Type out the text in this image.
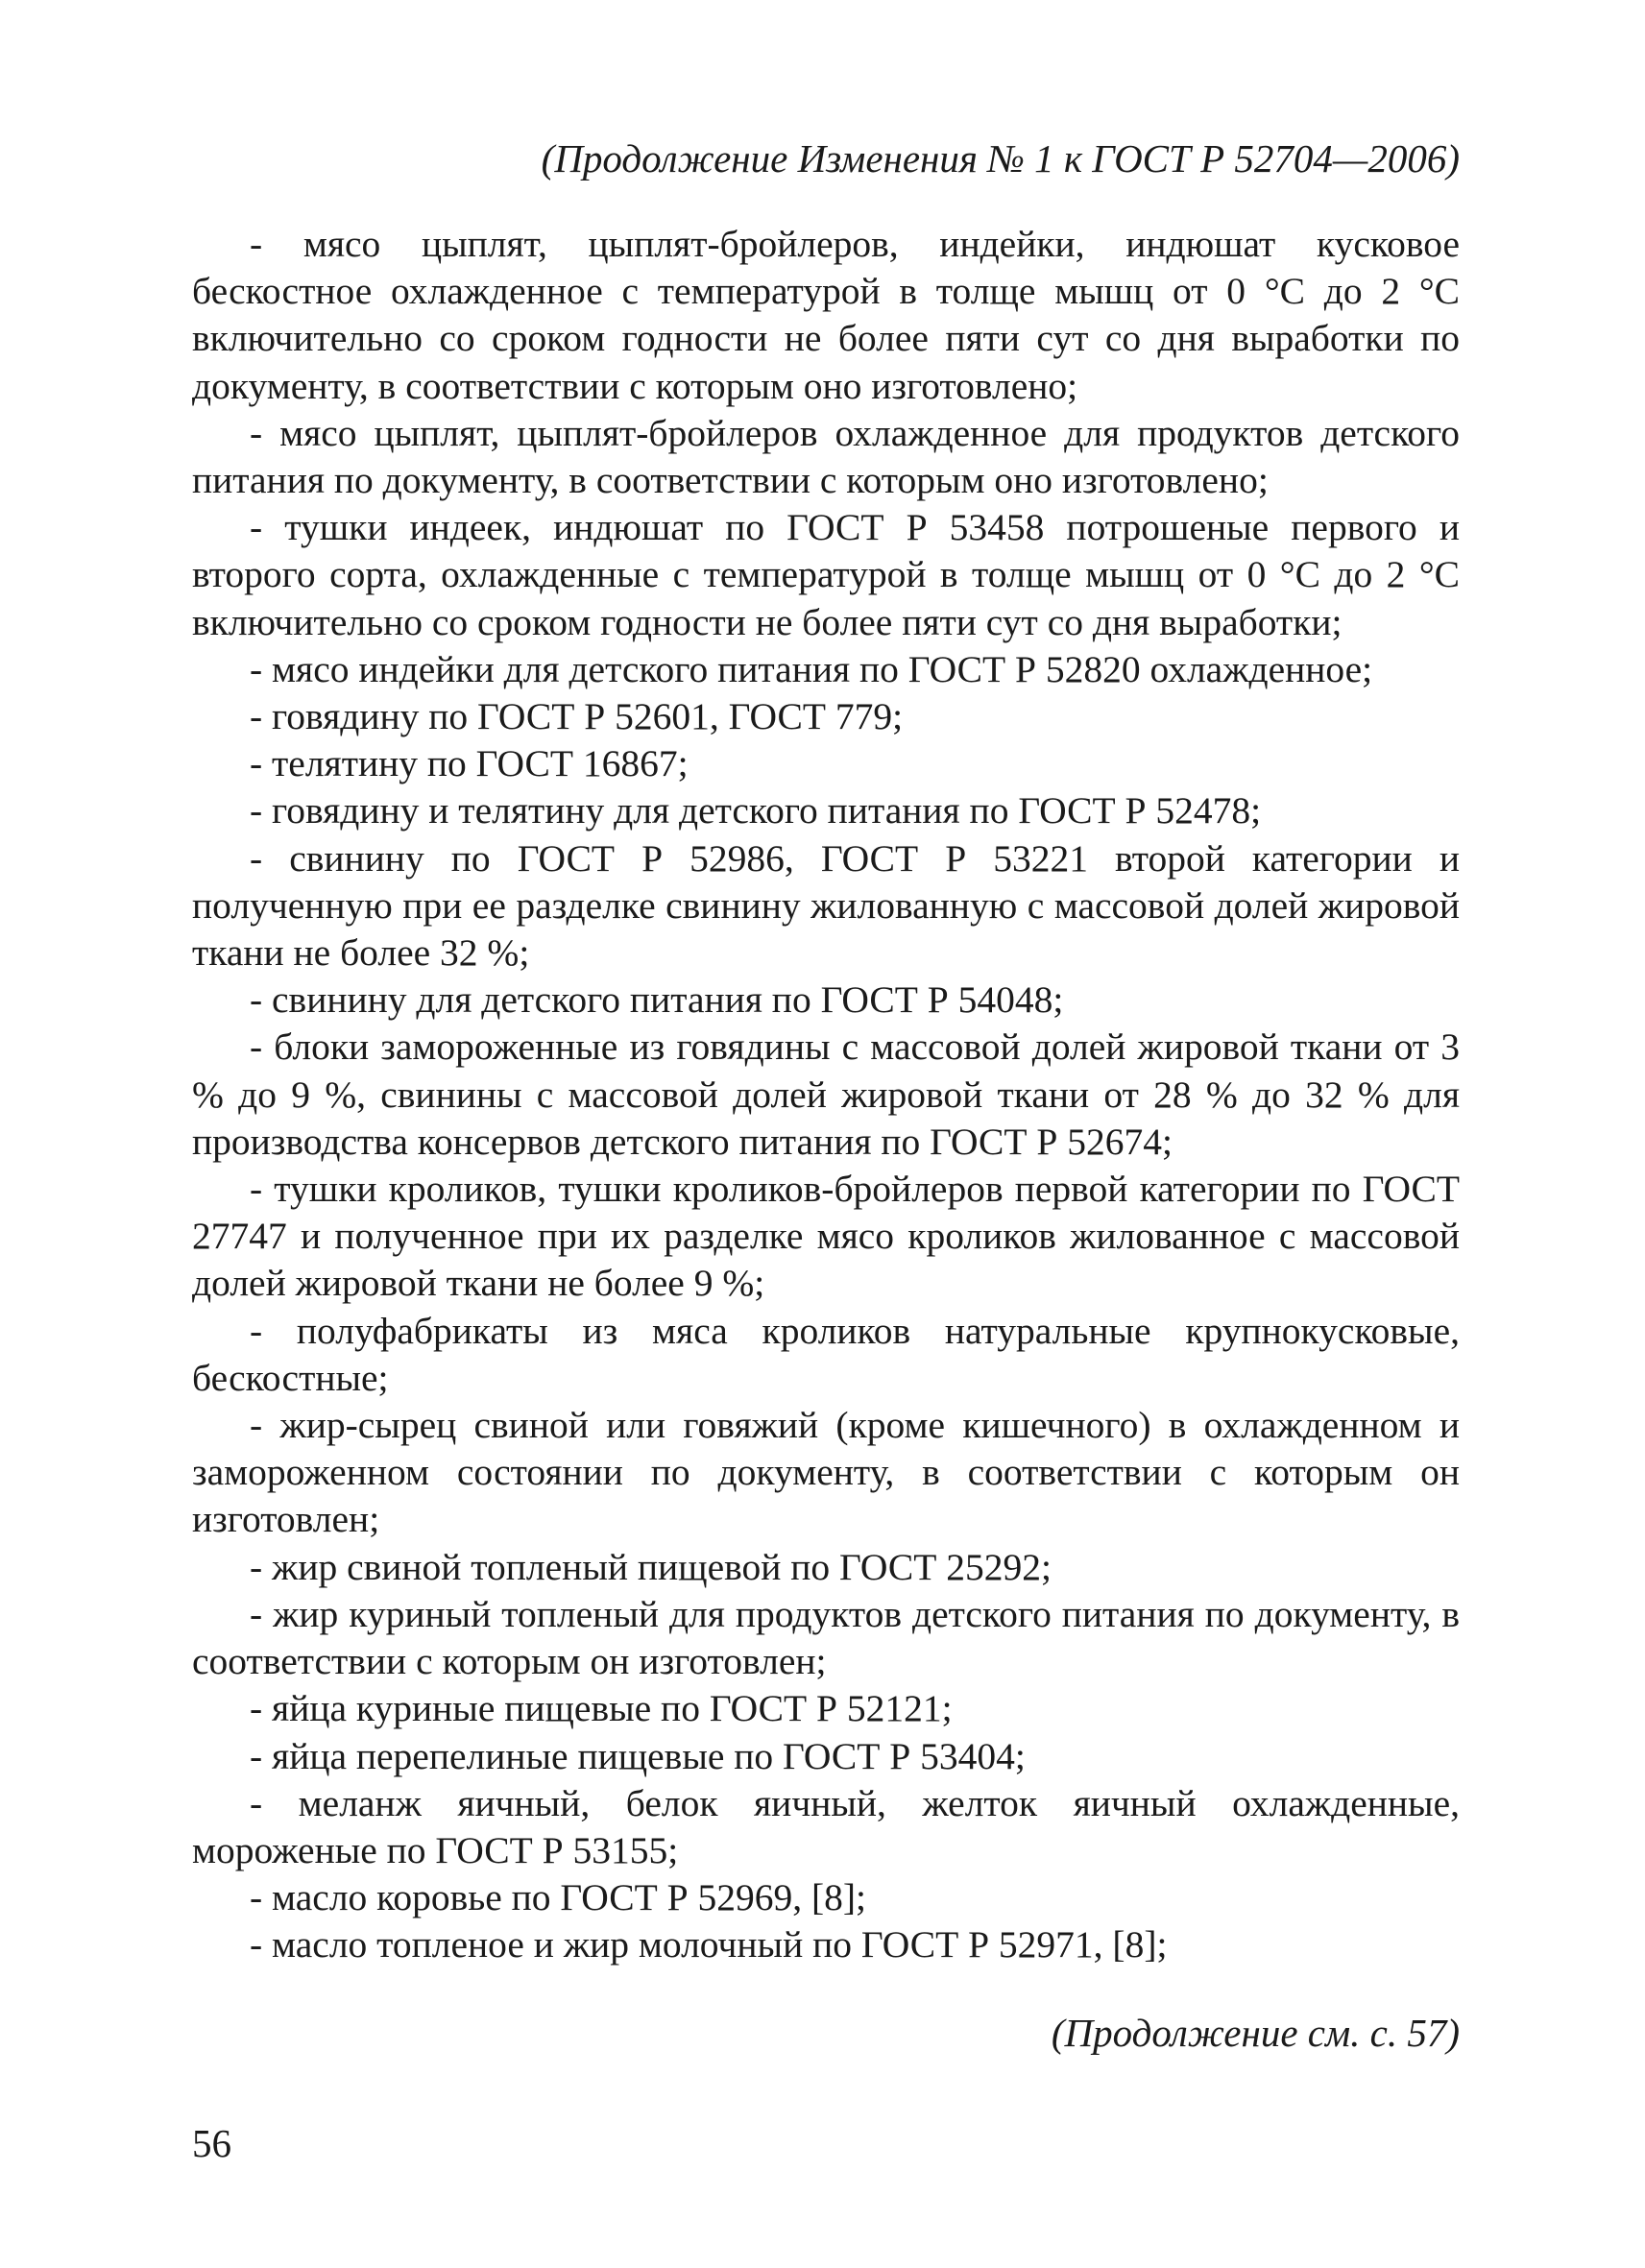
(Продолжение Изменения № 1 к ГОСТ Р 52704—2006)

- мясо цыплят, цыплят-бройлеров, индейки, индюшат кусковое бескостное охлажденное с температурой в толще мышц от 0 °С до 2 °С включительно со сроком годности не более пяти сут со дня выработки по документу, в соответствии с которым оно изготовлено;

- мясо цыплят, цыплят-бройлеров охлажденное для продуктов детского питания по документу, в соответствии с которым оно изготовлено;

- тушки индеек, индюшат по ГОСТ Р 53458 потрошеные первого и второго сорта, охлажденные с температурой в толще мышц от 0 °С до 2 °С включительно со сроком годности не более пяти сут со дня выработки;

- мясо индейки для детского питания по ГОСТ Р 52820 охлажденное;

- говядину по ГОСТ Р 52601, ГОСТ 779;

- телятину по ГОСТ 16867;

- говядину и телятину для детского питания по ГОСТ Р 52478;

- свинину по ГОСТ Р 52986, ГОСТ Р 53221 второй категории и полученную при ее разделке свинину жилованную с массовой долей жировой ткани не более 32 %;

- свинину для детского питания по ГОСТ Р 54048;

- блоки замороженные из говядины с массовой долей жировой ткани от 3 % до 9 %, свинины с массовой долей жировой ткани от 28 % до 32 % для производства консервов детского питания по ГОСТ Р 52674;

- тушки кроликов, тушки кроликов-бройлеров первой категории по ГОСТ 27747 и полученное при их разделке мясо кроликов жилованное с массовой долей жировой ткани не более 9 %;

- полуфабрикаты из мяса кроликов натуральные крупнокусковые, бескостные;

- жир-сырец свиной или говяжий (кроме кишечного) в охлажденном и замороженном состоянии по документу, в соответствии с которым он изготовлен;

- жир свиной топленый пищевой по ГОСТ 25292;

- жир куриный топленый для продуктов детского питания по документу, в соответствии с которым он изготовлен;

- яйца куриные пищевые по ГОСТ Р 52121;

- яйца перепелиные пищевые по ГОСТ Р 53404;

- меланж яичный, белок яичный, желток яичный охлажденные, мороженые по ГОСТ Р 53155;

- масло коровье по ГОСТ Р 52969, [8];

- масло топленое и жир молочный по ГОСТ Р 52971, [8];

(Продолжение см. с. 57)
56
